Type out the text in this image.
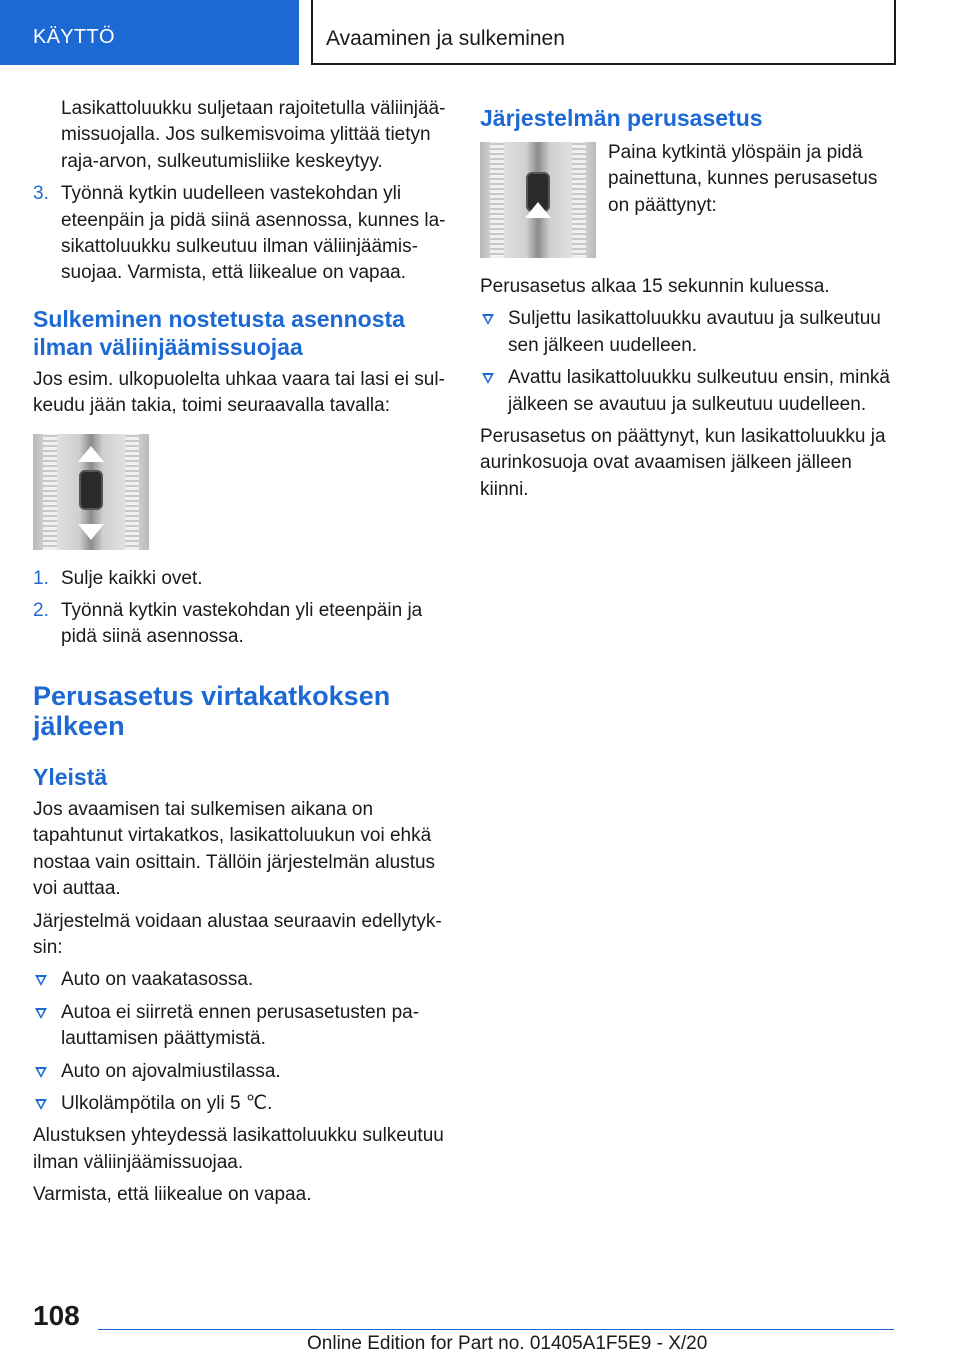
KÄYTTÖ	Avaaminen ja sulkeminen
Lasikattoluukku suljetaan rajoitetulla väliinjäämissuojalla. Jos sulkemisvoima ylittää tietyn raja-arvon, sulkeutumisliike keskeytyy.
3. Työnnä kytkin uudelleen vastekohdan yli eteenpäin ja pidä siinä asennossa, kunnes lasikattoluukku sulkeutuu ilman väliinjäämissuojaa. Varmista, että liikealue on vapaa.
Sulkeminen nostetusta asennosta ilman väliinjäämissuojaa
Jos esim. ulkopuolelta uhkaa vaara tai lasi ei sulkeudu jään takia, toimi seuraavalla tavalla:
1. Sulje kaikki ovet.
2. Työnnä kytkin vastekohdan yli eteenpäin ja pidä siinä asennossa.
Perusasetus virtakatkoksen jälkeen
Yleistä
Jos avaamisen tai sulkemisen aikana on tapahtunut virtakatkos, lasikattoluukun voi ehkä nostaa vain osittain. Tällöin järjestelmän alustus voi auttaa.
Järjestelmä voidaan alustaa seuraavin edellytyksin:
Auto on vaakatasossa.
Autoa ei siirretä ennen perusasetusten palauttamisen päättymistä.
Auto on ajovalmiustilassa.
Ulkolämpötila on yli 5 ℃.
Alustuksen yhteydessä lasikattoluukku sulkeutuu ilman väliinjäämissuojaa.
Varmista, että liikealue on vapaa.
Järjestelmän perusasetus
Paina kytkintä ylöspäin ja pidä painettuna, kunnes perusasetus on päättynyt:
Perusasetus alkaa 15 sekunnin kuluessa.
Suljettu lasikattoluukku avautuu ja sulkeutuu sen jälkeen uudelleen.
Avattu lasikattoluukku sulkeutuu ensin, minkä jälkeen se avautuu ja sulkeutuu uudelleen.
Perusasetus on päättynyt, kun lasikattoluukku ja aurinkosuoja ovat avaamisen jälkeen jälleen kiinni.
108
Online Edition for Part no. 01405A1F5E9 - X/20
